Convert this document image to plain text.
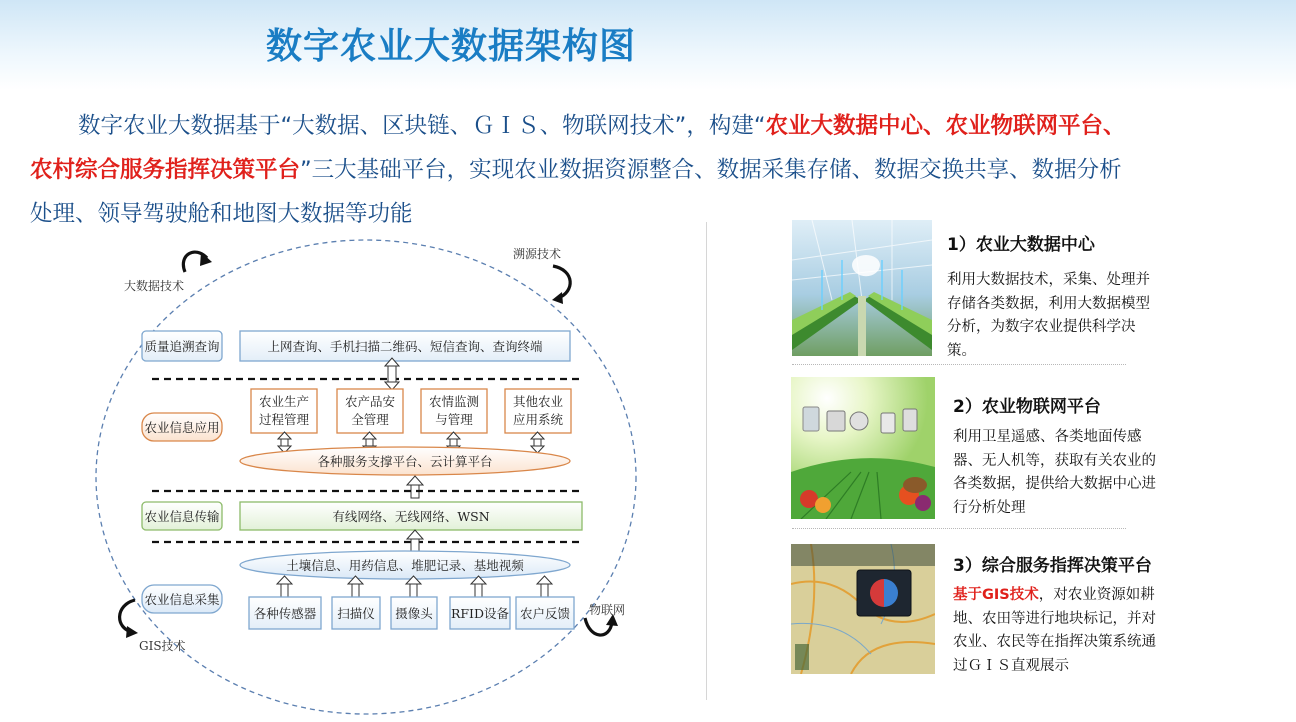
数字农业大数据架构图
数字农业大数据基于“大数据、区块链、ＧＩＳ、物联网技术”，构建“农业大数据中心、农业物联网平台、农村综合服务指挥决策平台”三大基础平台，实现农业数据资源整合、数据采集存储、数据交换共享、数据分析处理、领导驾驶舱和地图大数据等功能
大数据技术
溯源技术
GIS技术
物联网
质量追溯查询	上网查询、手机扫描二维码、短信查询、查询终端
农业信息应用
农业生产
过程管理
农产品安
全管理
农情监测
与管理
其他农业
应用系统
各种服务支撑平台、云计算平台
农业信息传输	有线网络、无线网络、WSN
土壤信息、用药信息、堆肥记录、基地视频
农业信息采集
各种传感器 扫描仪 摄像头 RFID设备 农户反馈
1）农业大数据中心
利用大数据技术，采集、处理并存储各类数据，利用大数据模型分析，为数字农业提供科学决策。
2）农业物联网平台
利用卫星遥感、各类地面传感器、无人机等，获取有关农业的各类数据，提供给大数据中心进行分析处理
3）综合服务指挥决策平台
基于GIS技术，对农业资源如耕地、农田等进行地块标记，并对农业、农民等在指挥决策系统通过ＧＩＳ直观展示
